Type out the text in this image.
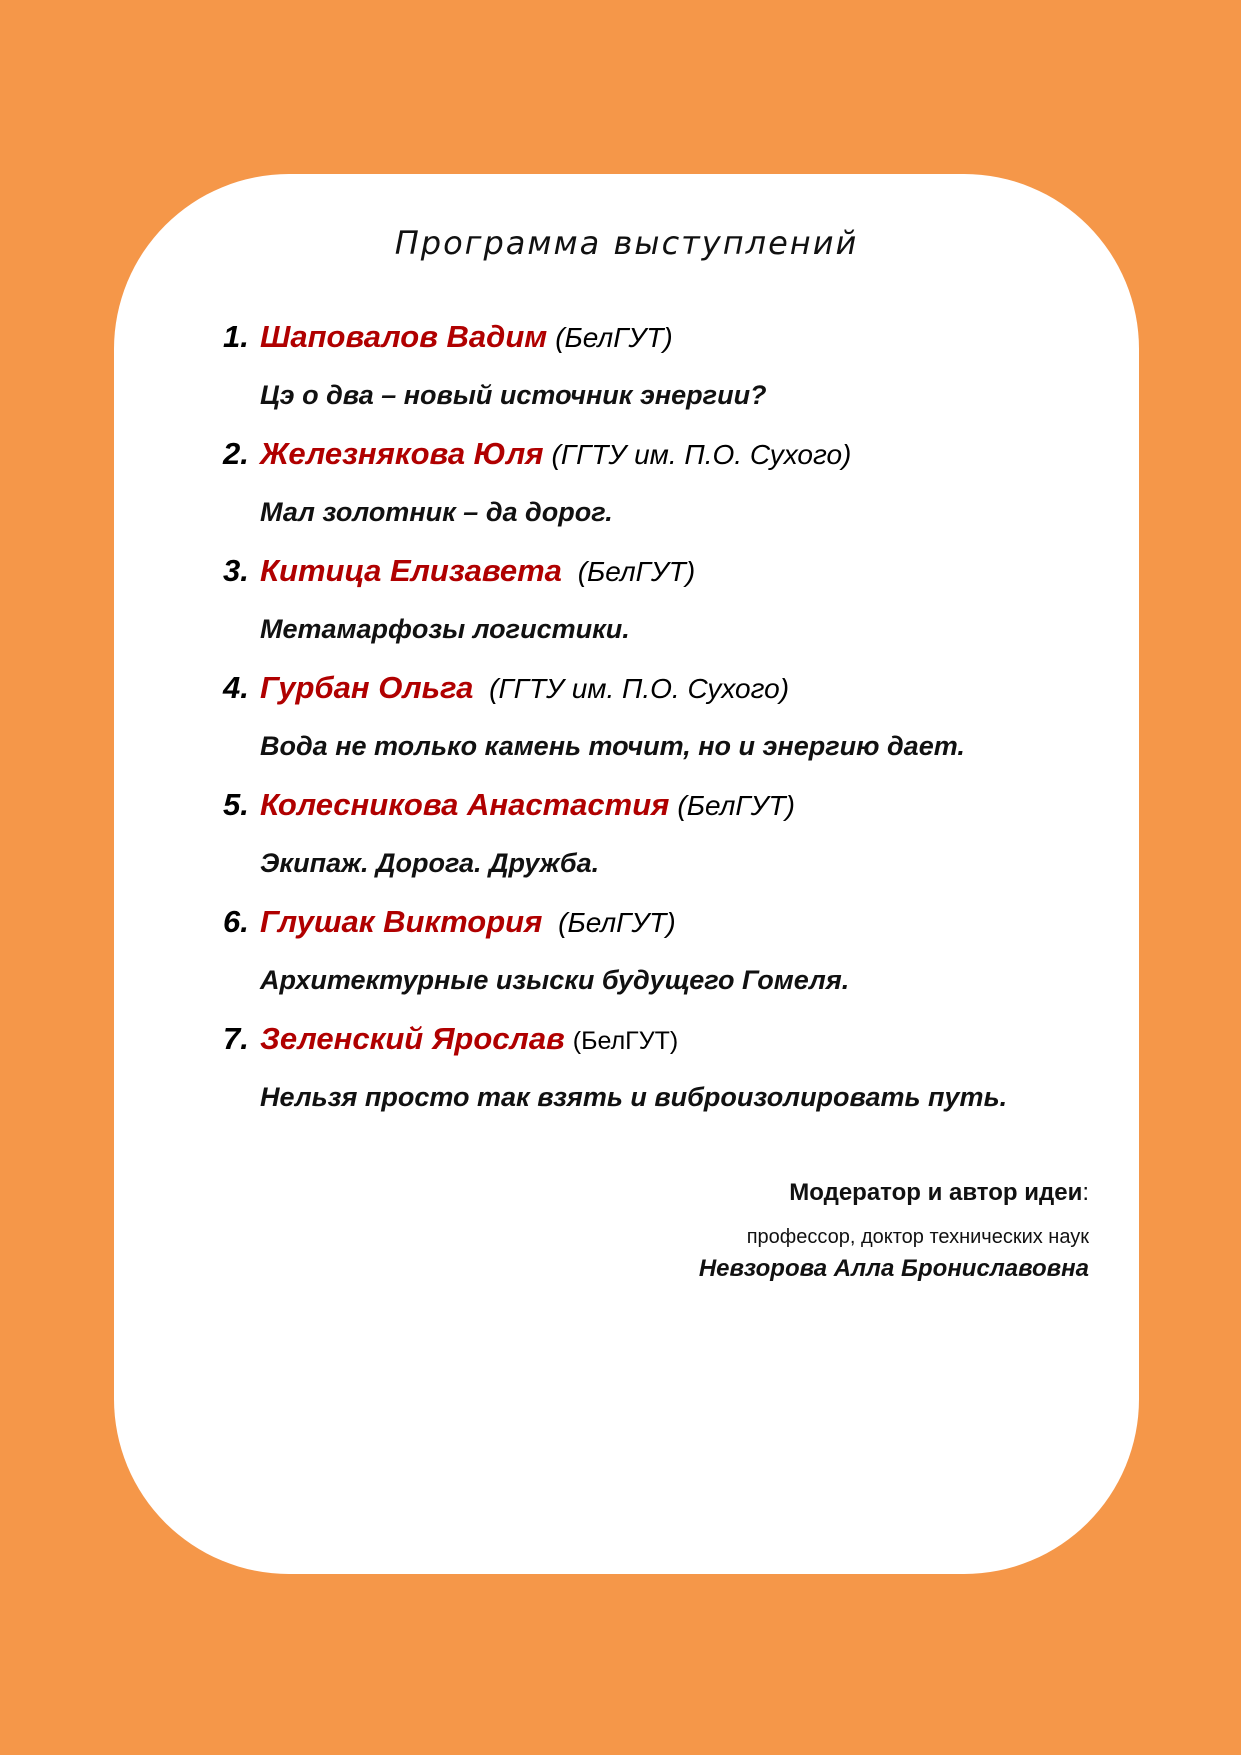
Программа выступлений
1. Шаповалов Вадим (БелГУТ)
Цэ о два – новый источник энергии?
2. Железнякова Юля (ГГТУ им. П.О. Сухого)
Мал золотник – да дорог.
3. Китица Елизавета (БелГУТ)
Метамарфозы логистики.
4. Гурбан Ольга (ГГТУ им. П.О. Сухого)
Вода не только камень точит, но и энергию дает.
5. Колесникова Анастастия (БелГУТ)
Экипаж. Дорога. Дружба.
6. Глушак Виктория (БелГУТ)
Архитектурные изыски будущего Гомеля.
7. Зеленский Ярослав (БелГУТ)
Нельзя просто так взять и виброизолировать путь.
Модератор и автор идеи:
профессор, доктор технических наук
Невзорова Алла Брониславовна
